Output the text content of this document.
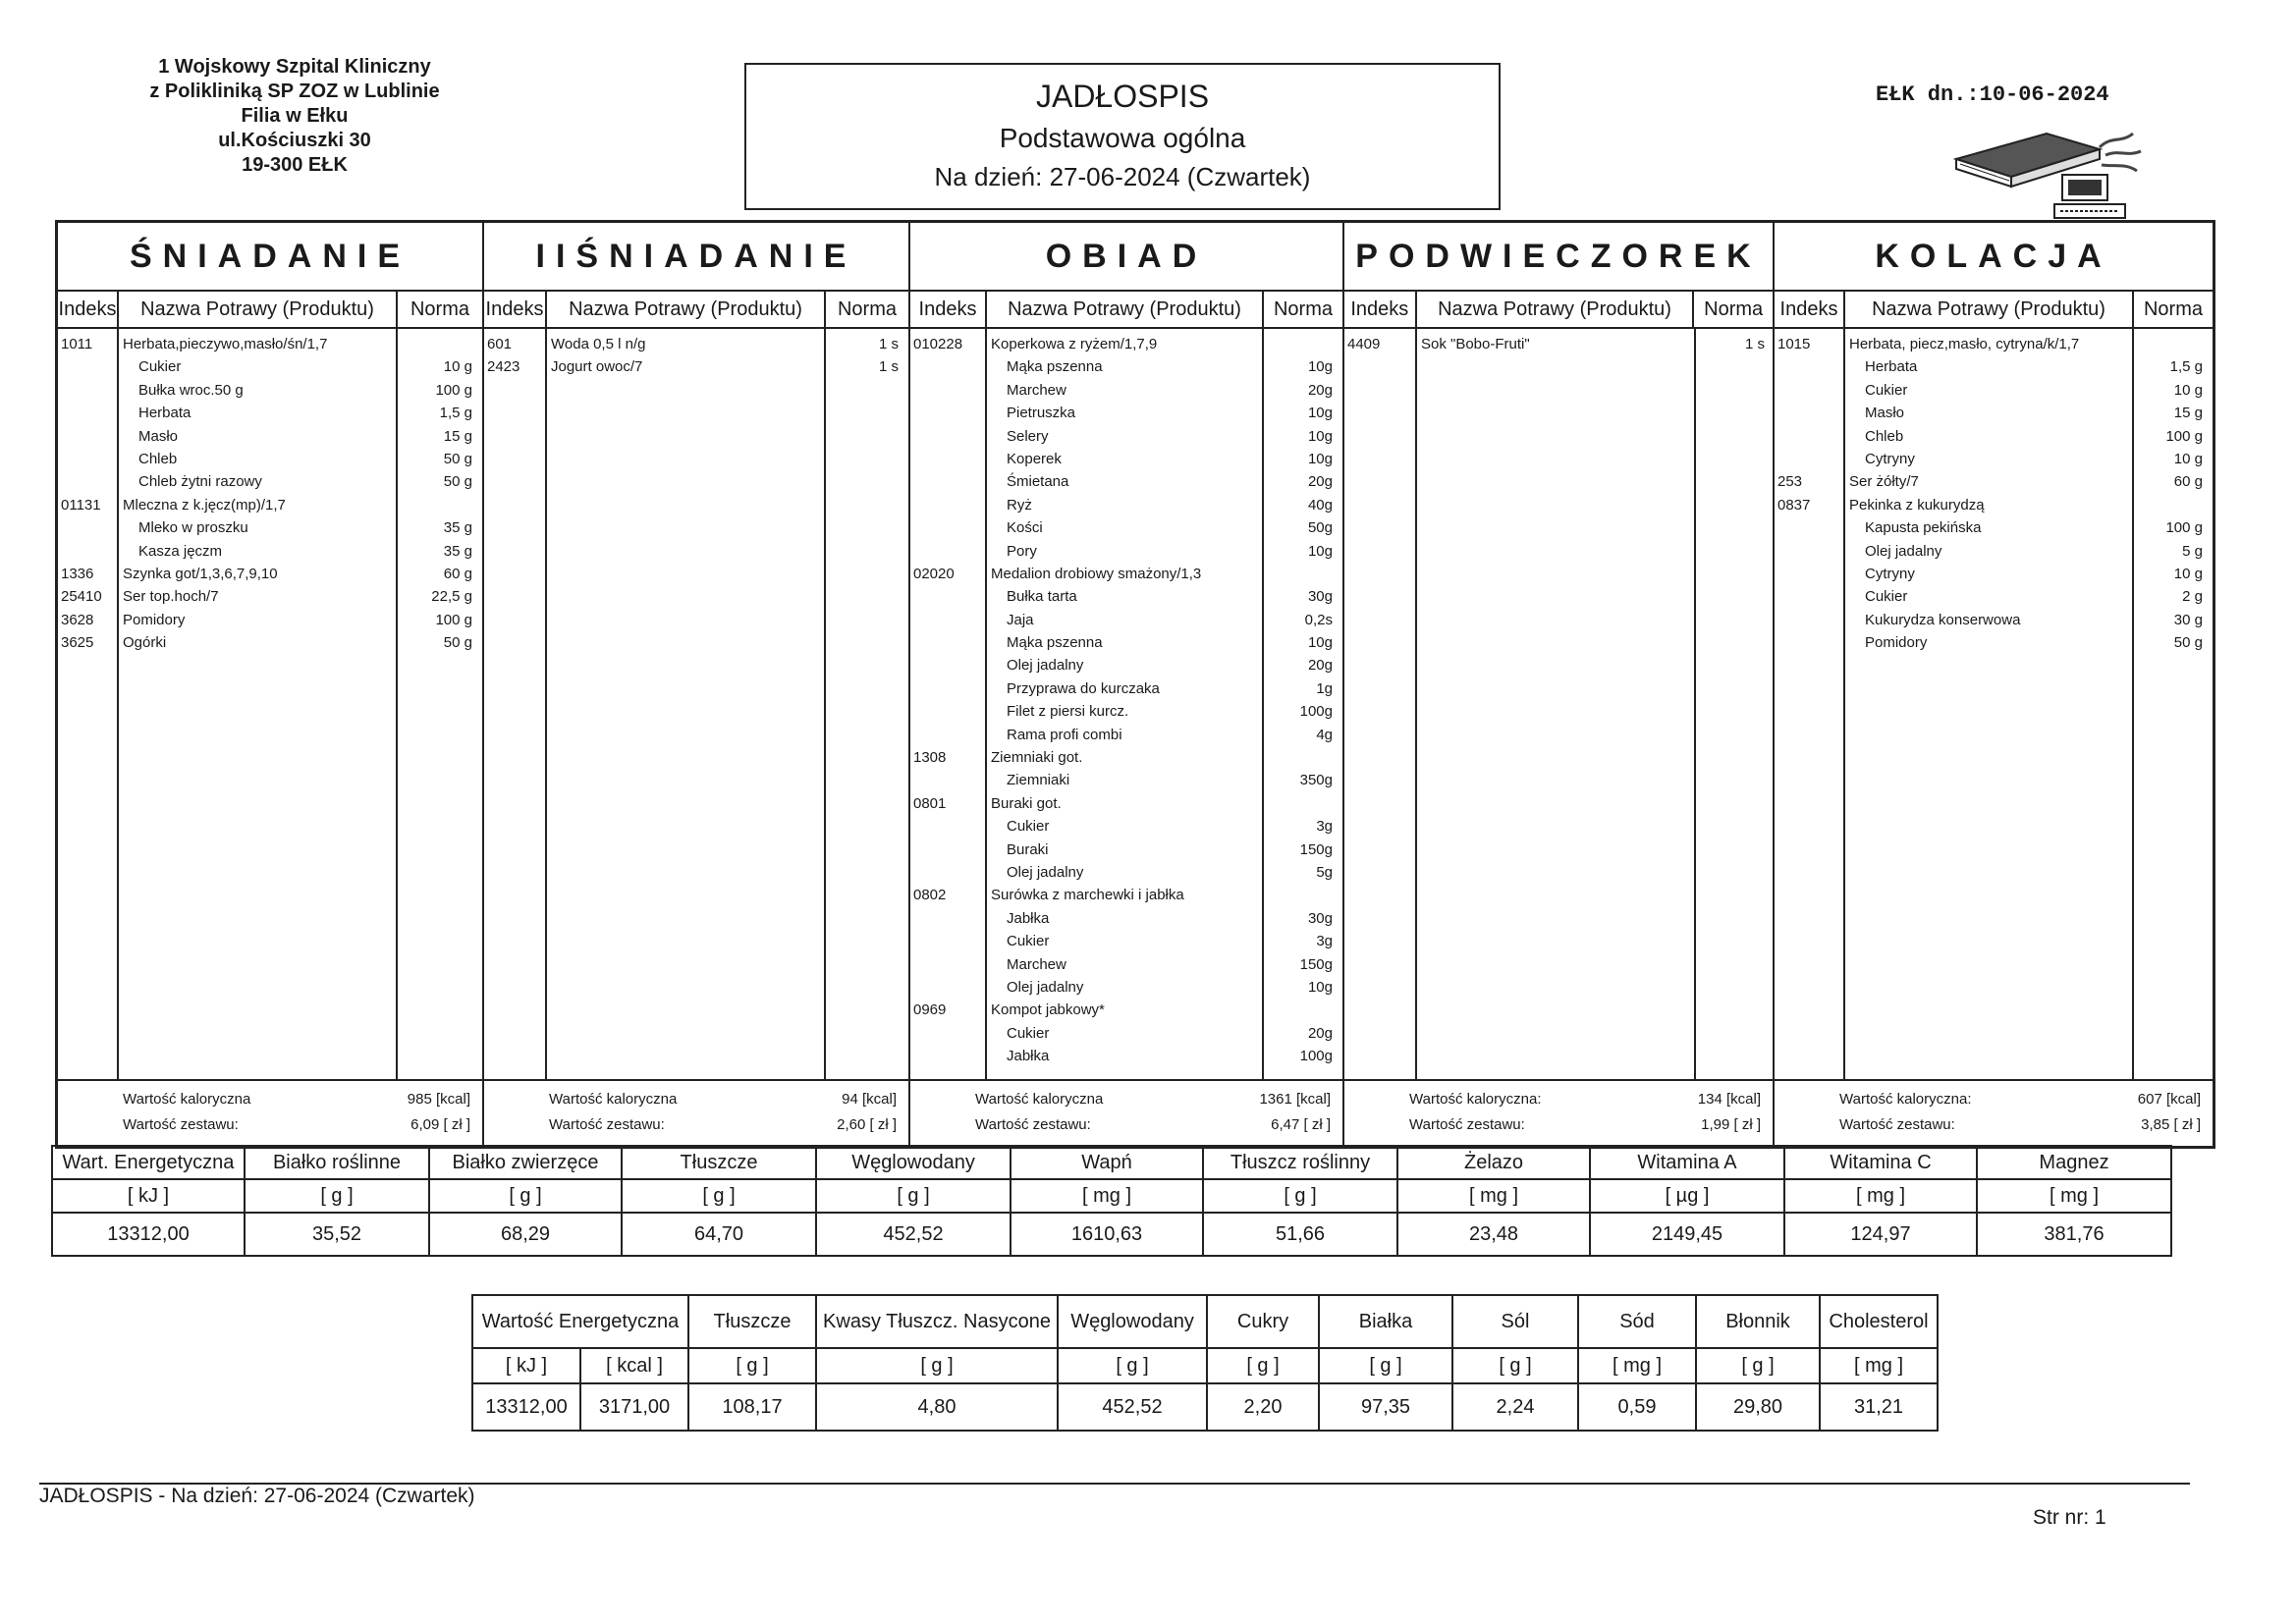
1 Wojskowy Szpital Kliniczny
z Polikliniką SP ZOZ w Lublinie
Filia w Ełku
ul.Kościuszki 30
19-300 EŁK
JADŁOSPIS
Podstawowa ogólna
Na dzień: 27-06-2024 (Czwartek)
EŁK dn.:10-06-2024
ŚNIADANIE
Indeks	Nazwa Potrawy (Produktu)	Norma
1011	Herbata,pieczywo,masło/śn/1,7
Cukier	10 g
Bułka wroc.50 g	100 g
Herbata	1,5 g
Masło	15 g
Chleb	50 g
Chleb żytni razowy	50 g
01131	Mleczna z k.jęcz(mp)/1,7
Mleko w proszku	35 g
Kasza jęczm	35 g
1336	Szynka got/1,3,6,7,9,10	60 g
25410	Ser top.hoch/7	22,5 g
3628	Pomidory	100 g
3625	Ogórki	50 g
Wartość kaloryczna	985 [kcal]
Wartość zestawu:	6,09 [ zł ]
IIŚNIADANIE
Indeks	Nazwa Potrawy (Produktu)	Norma
601	Woda 0,5 l n/g	1 s
2423	Jogurt owoc/7	1 s
Wartość kaloryczna	94 [kcal]
Wartość zestawu:	2,60 [ zł ]
OBIAD
Indeks	Nazwa Potrawy (Produktu)	Norma
010228	Koperkowa z ryżem/1,7,9
Mąka pszenna	10g
Marchew	20g
Pietruszka	10g
Selery	10g
Koperek	10g
Śmietana	20g
Ryż	40g
Kości	50g
Pory	10g
02020	Medalion drobiowy smażony/1,3
Bułka tarta	30g
Jaja	0,2s
Mąka pszenna	10g
Olej jadalny	20g
Przyprawa do kurczaka	1g
Filet z piersi kurcz.	100g
Rama profi combi	4g
1308	Ziemniaki got.
Ziemniaki	350g
0801	Buraki got.
Cukier	3g
Buraki	150g
Olej jadalny	5g
0802	Surówka z marchewki i jabłka
Jabłka	30g
Cukier	3g
Marchew	150g
Olej jadalny	10g
0969	Kompot jabkowy*
Cukier	20g
Jabłka	100g
Wartość kaloryczna	1361 [kcal]
Wartość zestawu:	6,47 [ zł ]
PODWIECZOREK
Indeks	Nazwa Potrawy (Produktu)	Norma
4409	Sok "Bobo-Fruti"	1 s
Wartość kaloryczna:	134 [kcal]
Wartość zestawu:	1,99 [ zł ]
KOLACJA
Indeks	Nazwa Potrawy (Produktu)	Norma
1015	Herbata, piecz,masło, cytryna/k/1,7
Herbata	1,5 g
Cukier	10 g
Masło	15 g
Chleb	100 g
Cytryny	10 g
253	Ser żółty/7	60 g
0837	Pekinka z kukurydzą
Kapusta pekińska	100 g
Olej jadalny	5 g
Cytryny	10 g
Cukier	2 g
Kukurydza konserwowa	30 g
Pomidory	50 g
Wartość kaloryczna:	607 [kcal]
Wartość zestawu:	3,85 [ zł ]
Wart. Energetyczna	Białko roślinne	Białko zwierzęce	Tłuszcze	Węglowodany	Wapń	Tłuszcz roślinny	Żelazo	Witamina A	Witamina C	Magnez
[ kJ ]	[ g ]	[ g ]	[ g ]	[ g ]	[ mg ]	[ g ]	[ mg ]	[ µg ]	[ mg ]	[ mg ]
13312,00	35,52	68,29	64,70	452,52	1610,63	51,66	23,48	2149,45	124,97	381,76
Wartość Energetyczna		Tłuszcze	Kwasy Tłuszcz. Nasycone	Węglowodany	Cukry	Białka	Sól	Sód	Błonnik	Cholesterol
[ kJ ]	[ kcal ]	[ g ]	[ g ]	[ g ]	[ g ]	[ g ]	[ g ]	[ mg ]	[ g ]	[ mg ]
13312,00	3171,00	108,17	4,80	452,52	2,20	97,35	2,24	0,59	29,80	31,21
JADŁOSPIS - Na dzień: 27-06-2024 (Czwartek)
Str nr: 1
